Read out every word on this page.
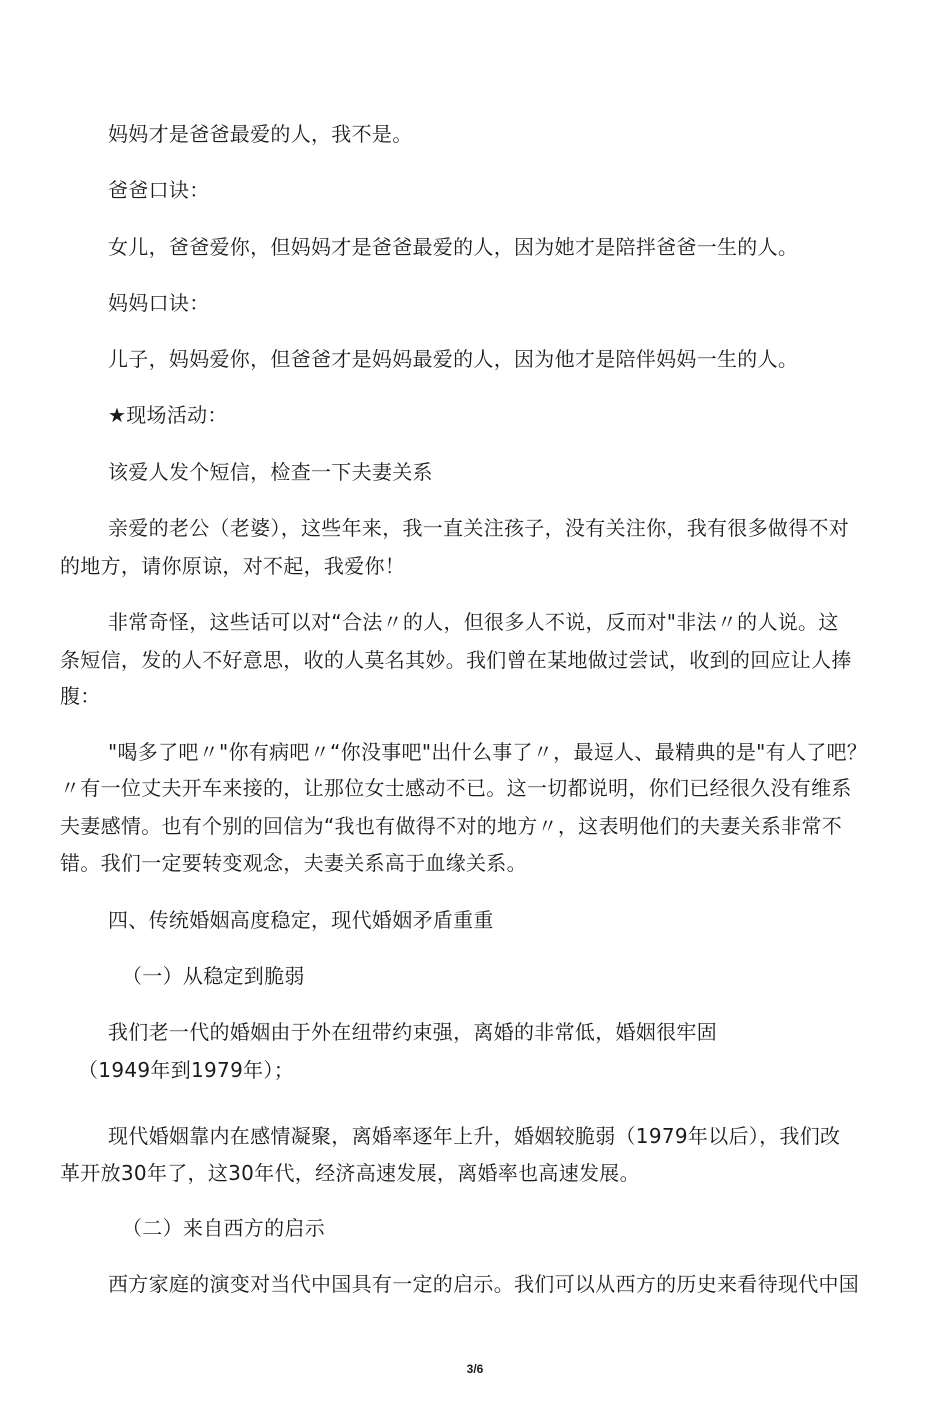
妈妈才是爸爸最爱的人，我不是。

爸爸口诀：

女儿，爸爸爱你，但妈妈才是爸爸最爱的人，因为她才是陪拌爸爸一生的人。

妈妈口诀：

儿子，妈妈爱你，但爸爸才是妈妈最爱的人，因为他才是陪伴妈妈一生的人。

★现场活动：

该爱人发个短信，检查一下夫妻关系

亲爱的老公（老婆），这些年来，我一直关注孩子，没有关注你，我有很多做得不对

的地方，请你原谅，对不起，我爱你！

非常奇怪，这些话可以对“合法〃的人，但很多人不说，反而对"非法〃的人说。这

条短信，发的人不好意思，收的人莫名其妙。我们曾在某地做过尝试，收到的回应让人捧

腹：

"喝多了吧〃"你有病吧〃“你没事吧"出什么事了〃，最逗人、最精典的是"有人了吧？

〃有一位丈夫开车来接的，让那位女士感动不已。这一切都说明，你们已经很久没有维系

夫妻感情。也有个别的回信为“我也有做得不对的地方〃，这表明他们的夫妻关系非常不

错。我们一定要转变观念，夫妻关系高于血缘关系。

四、传统婚姻高度稳定，现代婚姻矛盾重重

（一）从稳定到脆弱

我们老一代的婚姻由于外在纽带约束强，离婚的非常低，婚姻很牢固

（1949年到1979年）；

现代婚姻靠内在感情凝聚，离婚率逐年上升，婚姻较脆弱（1979年以后），我们改

革开放30年了，这30年代，经济高速发展，离婚率也高速发展。

（二）来自西方的启示

西方家庭的演变对当代中国具有一定的启示。我们可以从西方的历史来看待现代中国

3/6
